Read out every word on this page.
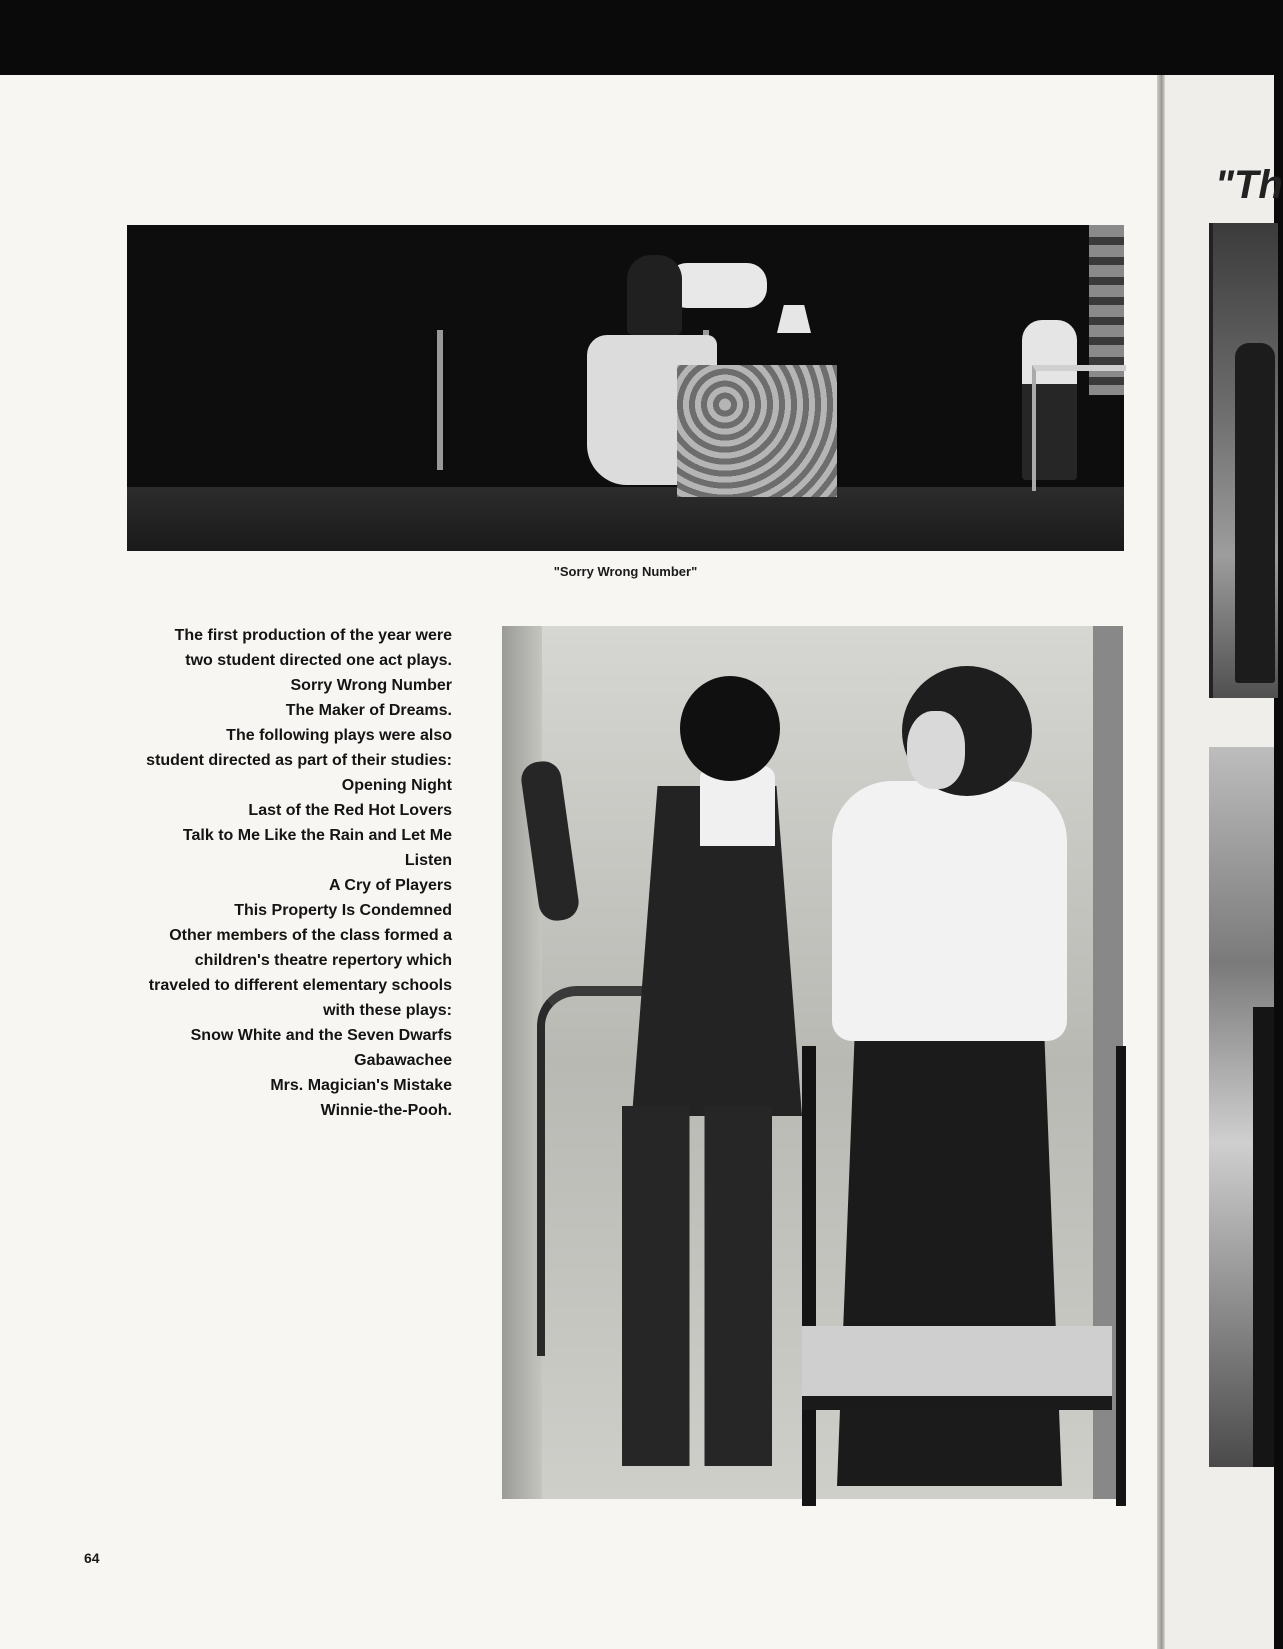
"Th

"Sorry Wrong Number"

The first production of the year were

two student directed one act plays.

Sorry Wrong Number

The Maker of Dreams.

The following plays were also

student directed as part of their studies:

Opening Night

Last of the Red Hot Lovers

Talk to Me Like the Rain and Let Me

Listen

A Cry of Players

This Property Is Condemned

Other members of the class formed a

children's theatre repertory which

traveled to different elementary schools

with these plays:

Snow White and the Seven Dwarfs

Gabawachee

Mrs. Magician's Mistake

Winnie-the-Pooh.

64
